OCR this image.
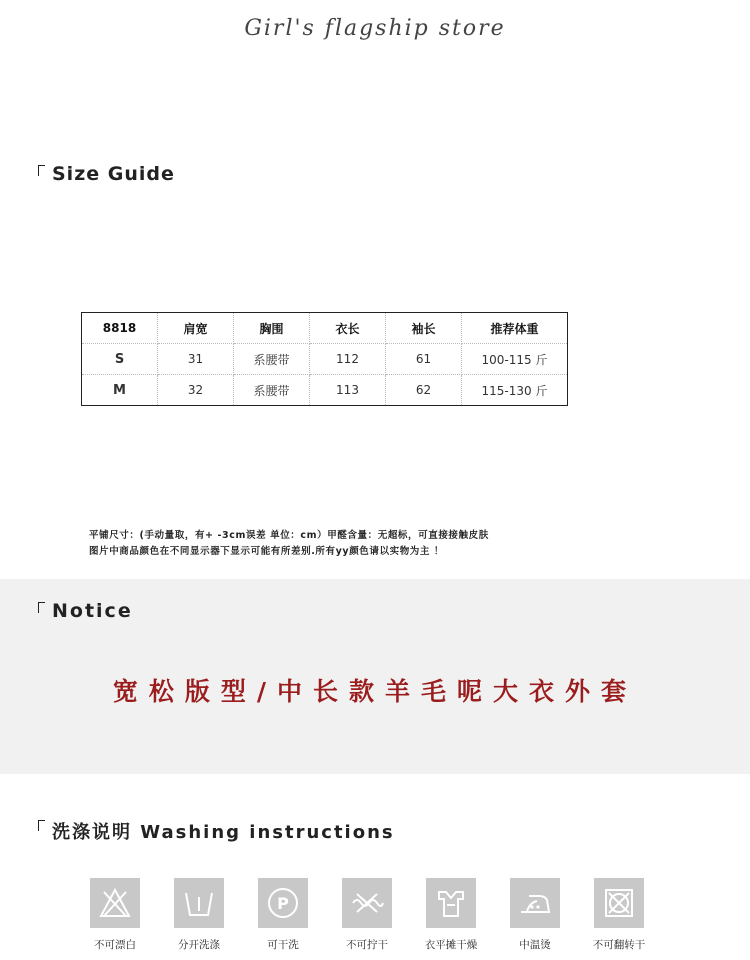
Girl's flagship store
Size Guide
8818	肩宽	胸围	衣长	袖长	推荐体重
S	31	系腰带	112	61	100-115 斤
M	32	系腰带	113	62	115-130 斤
平铺尺寸：(手动量取，有+ -3cm误差 单位：cm）甲醛含量：无超标，可直接接触皮肤
图片中商品颜色在不同显示器下显示可能有所差别.所有yy颜色请以实物为主 ！
Notice
宽松版型/中长款羊毛呢大衣外套
洗涤说明 Washing instructions
不可漂白	分开洗涤
P
可干洗	不可拧干	衣平摊干燥	中温烫	不可翻转干
